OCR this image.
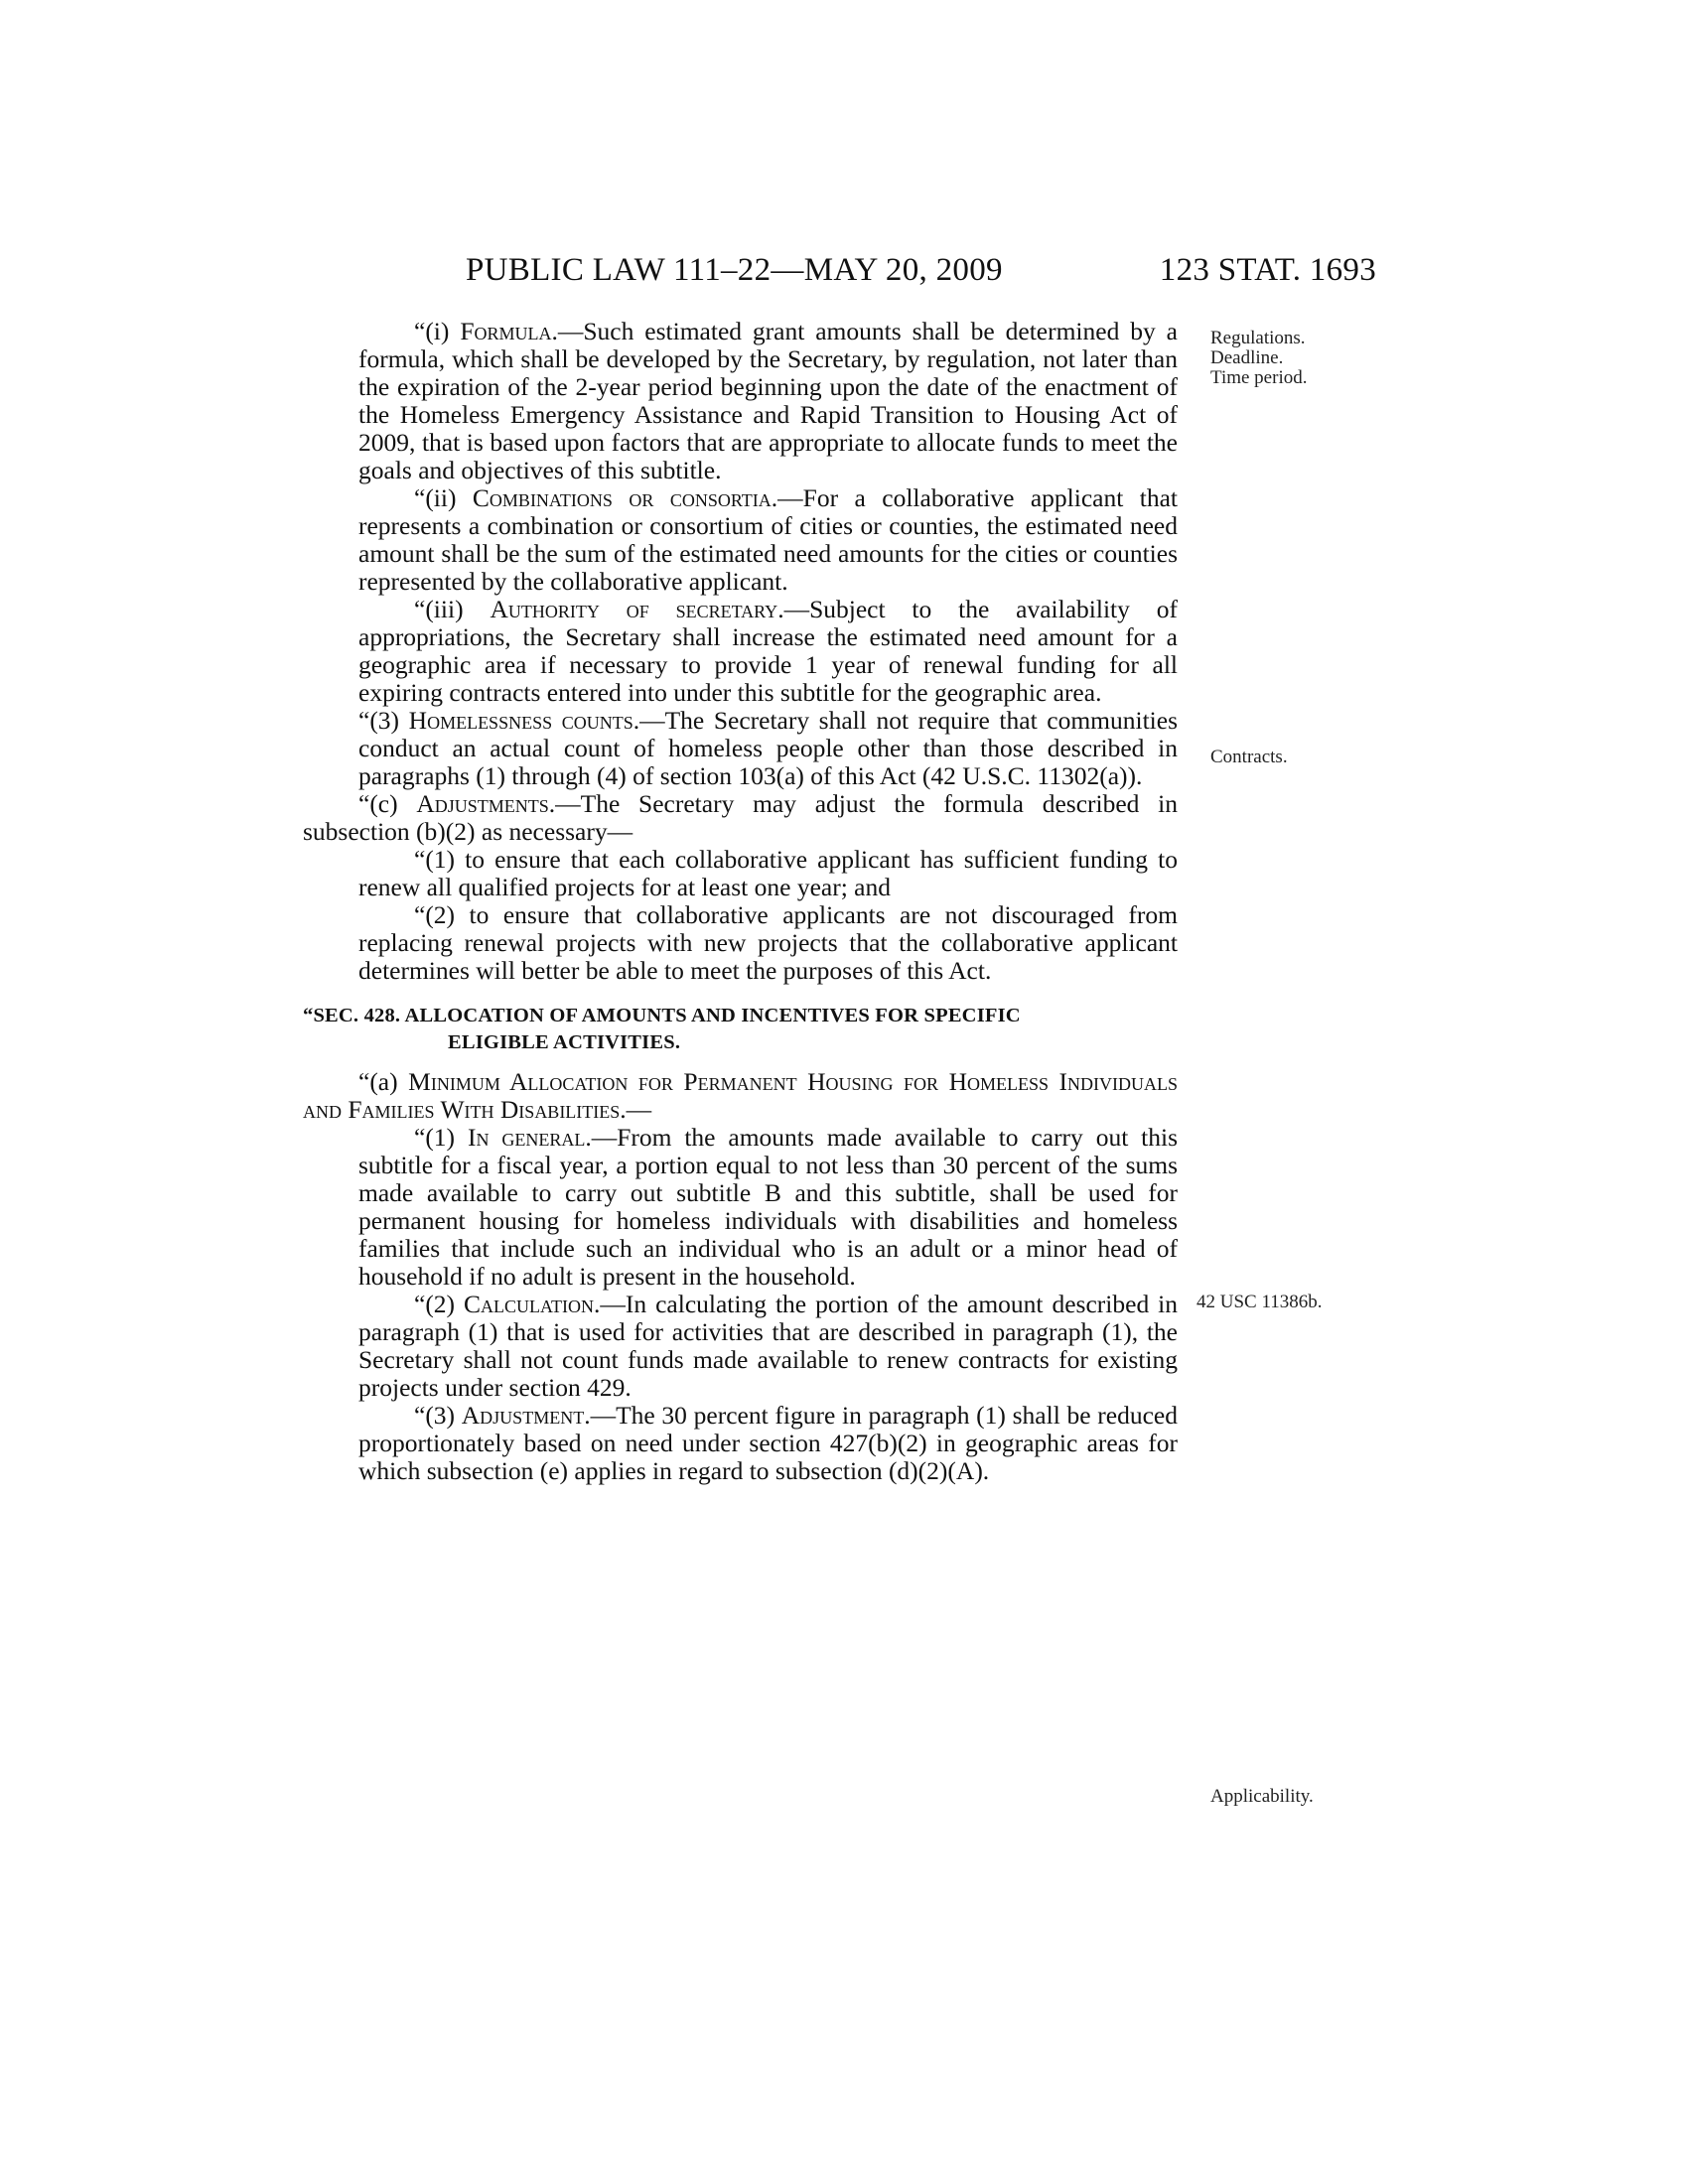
PUBLIC LAW 111–22—MAY 20, 2009	123 STAT. 1693
Regulations.
Deadline.
Time period.
Contracts.
42 USC 11386b.
Applicability.

“(i) Formula.—Such estimated grant amounts shall be determined by a formula, which shall be developed by the Secretary, by regulation, not later than the expiration of the 2-year period beginning upon the date of the enactment of the Homeless Emergency Assistance and Rapid Transition to Housing Act of 2009, that is based upon factors that are appropriate to allocate funds to meet the goals and objectives of this subtitle.

“(ii) Combinations or consortia.—For a collaborative applicant that represents a combination or consortium of cities or counties, the estimated need amount shall be the sum of the estimated need amounts for the cities or counties represented by the collaborative applicant.

“(iii) Authority of secretary.—Subject to the availability of appropriations, the Secretary shall increase the estimated need amount for a geographic area if necessary to provide 1 year of renewal funding for all expiring contracts entered into under this subtitle for the geographic area.

“(3) Homelessness counts.—The Secretary shall not require that communities conduct an actual count of homeless people other than those described in paragraphs (1) through (4) of section 103(a) of this Act (42 U.S.C. 11302(a)).

“(c) Adjustments.—The Secretary may adjust the formula described in subsection (b)(2) as necessary—

“(1) to ensure that each collaborative applicant has sufficient funding to renew all qualified projects for at least one year; and

“(2) to ensure that collaborative applicants are not discouraged from replacing renewal projects with new projects that the collaborative applicant determines will better be able to meet the purposes of this Act.

“SEC. 428. ALLOCATION OF AMOUNTS AND INCENTIVES FOR SPECIFIC
ELIGIBLE ACTIVITIES.

“(a) Minimum Allocation for Permanent Housing for Homeless Individuals and Families With Disabilities.—

“(1) In general.—From the amounts made available to carry out this subtitle for a fiscal year, a portion equal to not less than 30 percent of the sums made available to carry out subtitle B and this subtitle, shall be used for permanent housing for homeless individuals with disabilities and homeless families that include such an individual who is an adult or a minor head of household if no adult is present in the household.

“(2) Calculation.—In calculating the portion of the amount described in paragraph (1) that is used for activities that are described in paragraph (1), the Secretary shall not count funds made available to renew contracts for existing projects under section 429.

“(3) Adjustment.—The 30 percent figure in paragraph (1) shall be reduced proportionately based on need under section 427(b)(2) in geographic areas for which subsection (e) applies in regard to subsection (d)(2)(A).
